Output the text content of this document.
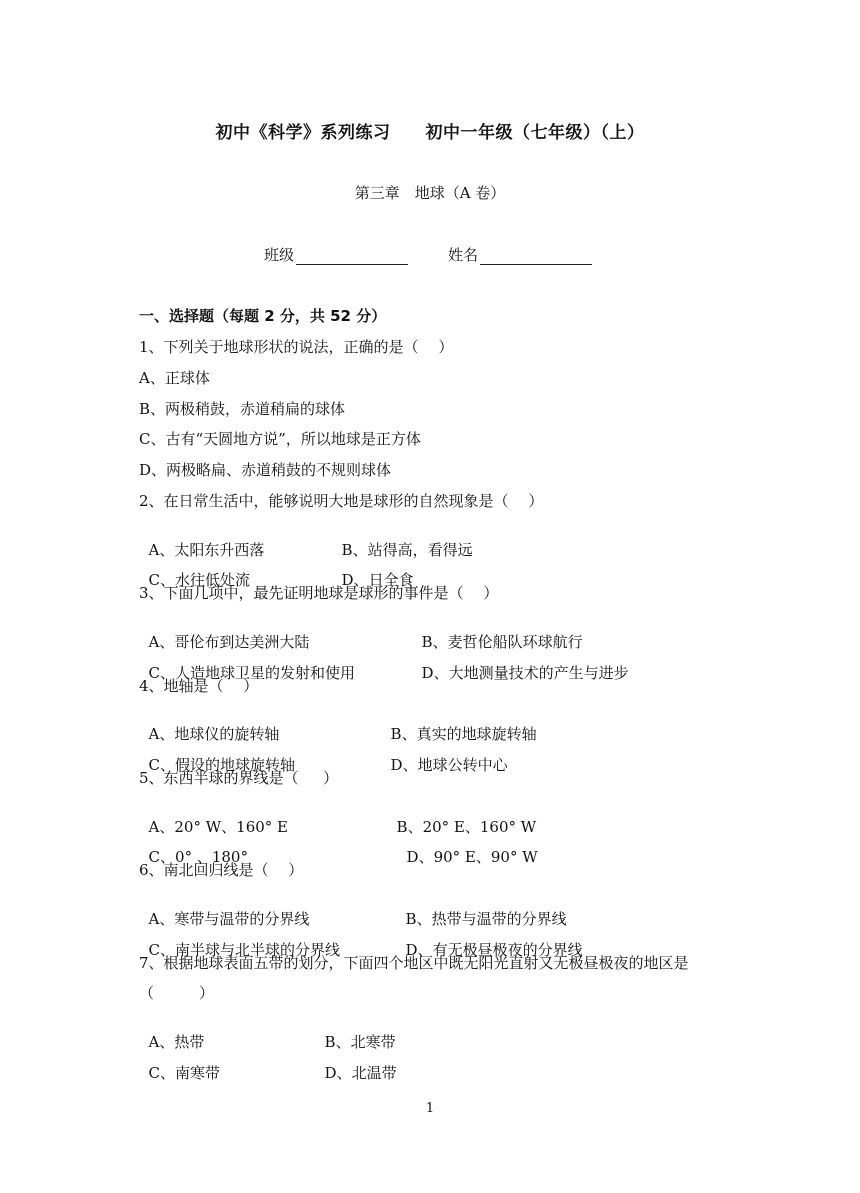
初中《科学》系列练习　　初中一年级（七年级）（上）
第三章　地球（A 卷）
班级	姓名
一、选择题（每题 2 分，共 52 分）
1、下列关于地球形状的说法，正确的是（　 ）
A、正球体
B、两极稍鼓，赤道稍扁的球体
C、古有“天圆地方说”，所以地球是正方体
D、两极略扁、赤道稍鼓的不规则球体
2、在日常生活中，能够说明大地是球形的自然现象是（　 ）

A、太阳东升西落	B、站得高，看得远

C、水往低处流	D、日全食

3、下面几项中，最先证明地球是球形的事件是（　 ）

A、哥伦布到达美洲大陆	B、麦哲伦船队环球航行

C、人造地球卫星的发射和使用	D、大地测量技术的产生与进步

4、地轴是（　 ）

A、地球仪的旋转轴	B、真实的地球旋转轴

C、假设的地球旋转轴	D、地球公转中心

5、东西半球的界线是（　  ）

A、20° W、160° E	B、20° E、160° W

C、0° 、180°	D、90° E、90° W

6、南北回归线是（　 ）

A、寒带与温带的分界线	B、热带与温带的分界线

C、南半球与北半球的分界线	D、有无极昼极夜的分界线

7、根据地球表面五带的划分，下面四个地区中既无阳光直射又无极昼极夜的地区是
（　　　）

A、热带	B、北寒带

C、南寒带	D、北温带

1
